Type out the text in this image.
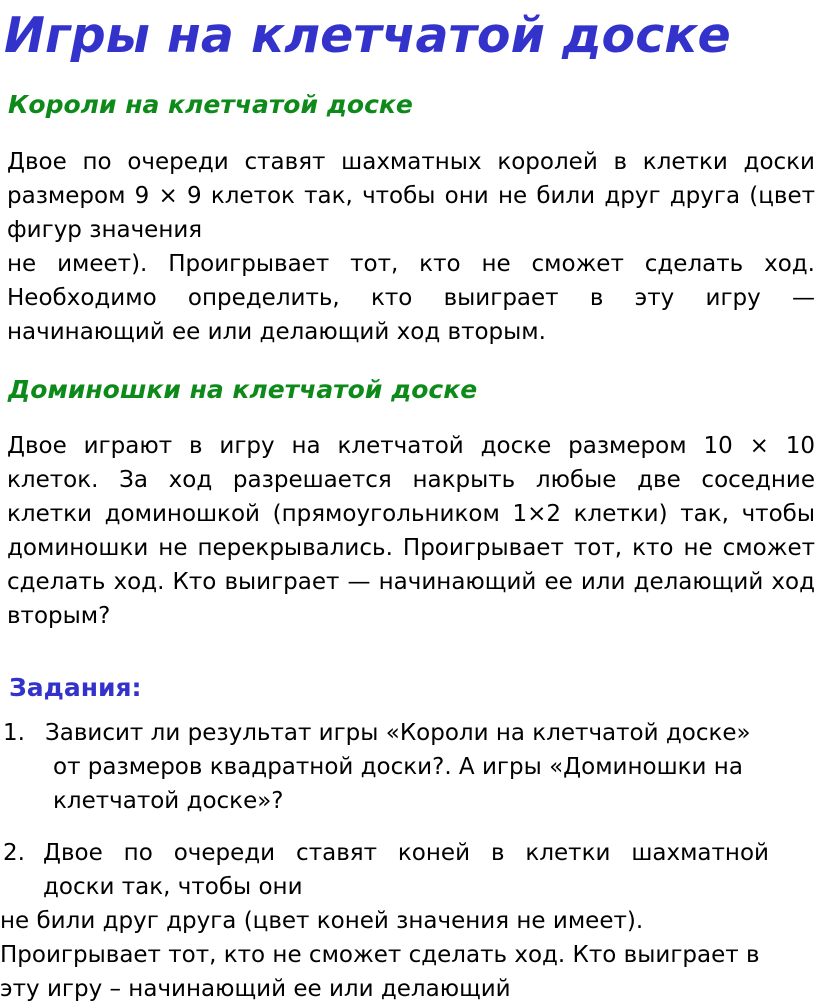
Игры на клетчатой доске
Короли на клетчатой доске
Двое по очереди ставят шахматных королей в клетки доски
размером 9 × 9 клеток так, чтобы они не били друг друга (цвет
фигур значения
не имеет). Проигрывает тот, кто не сможет сделать ход.
Необходимо определить, кто выиграет в эту игру —
начинающий ее или делающий ход вторым.
Доминошки на клетчатой доске
Двое играют в игру на клетчатой доске размером 10 × 10
клеток. За ход разрешается накрыть любые две соседние
клетки доминошкой (прямоугольником 1×2 клетки) так, чтобы
доминошки не перекрывались. Проигрывает тот, кто не сможет
сделать ход. Кто выиграет — начинающий ее или делающий ход
вторым?
Задания:
1. Зависит ли результат игры «Короли на клетчатой доске»
от размеров квадратной доски?. А игры «Доминошки на
клетчатой доске»?
2. Двое по очереди ставят коней в клетки шахматной
доски так, чтобы они
не били друг друга (цвет коней значения не имеет).
Проигрывает тот, кто не сможет сделать ход. Кто выиграет в
эту игру – начинающий ее или делающий
